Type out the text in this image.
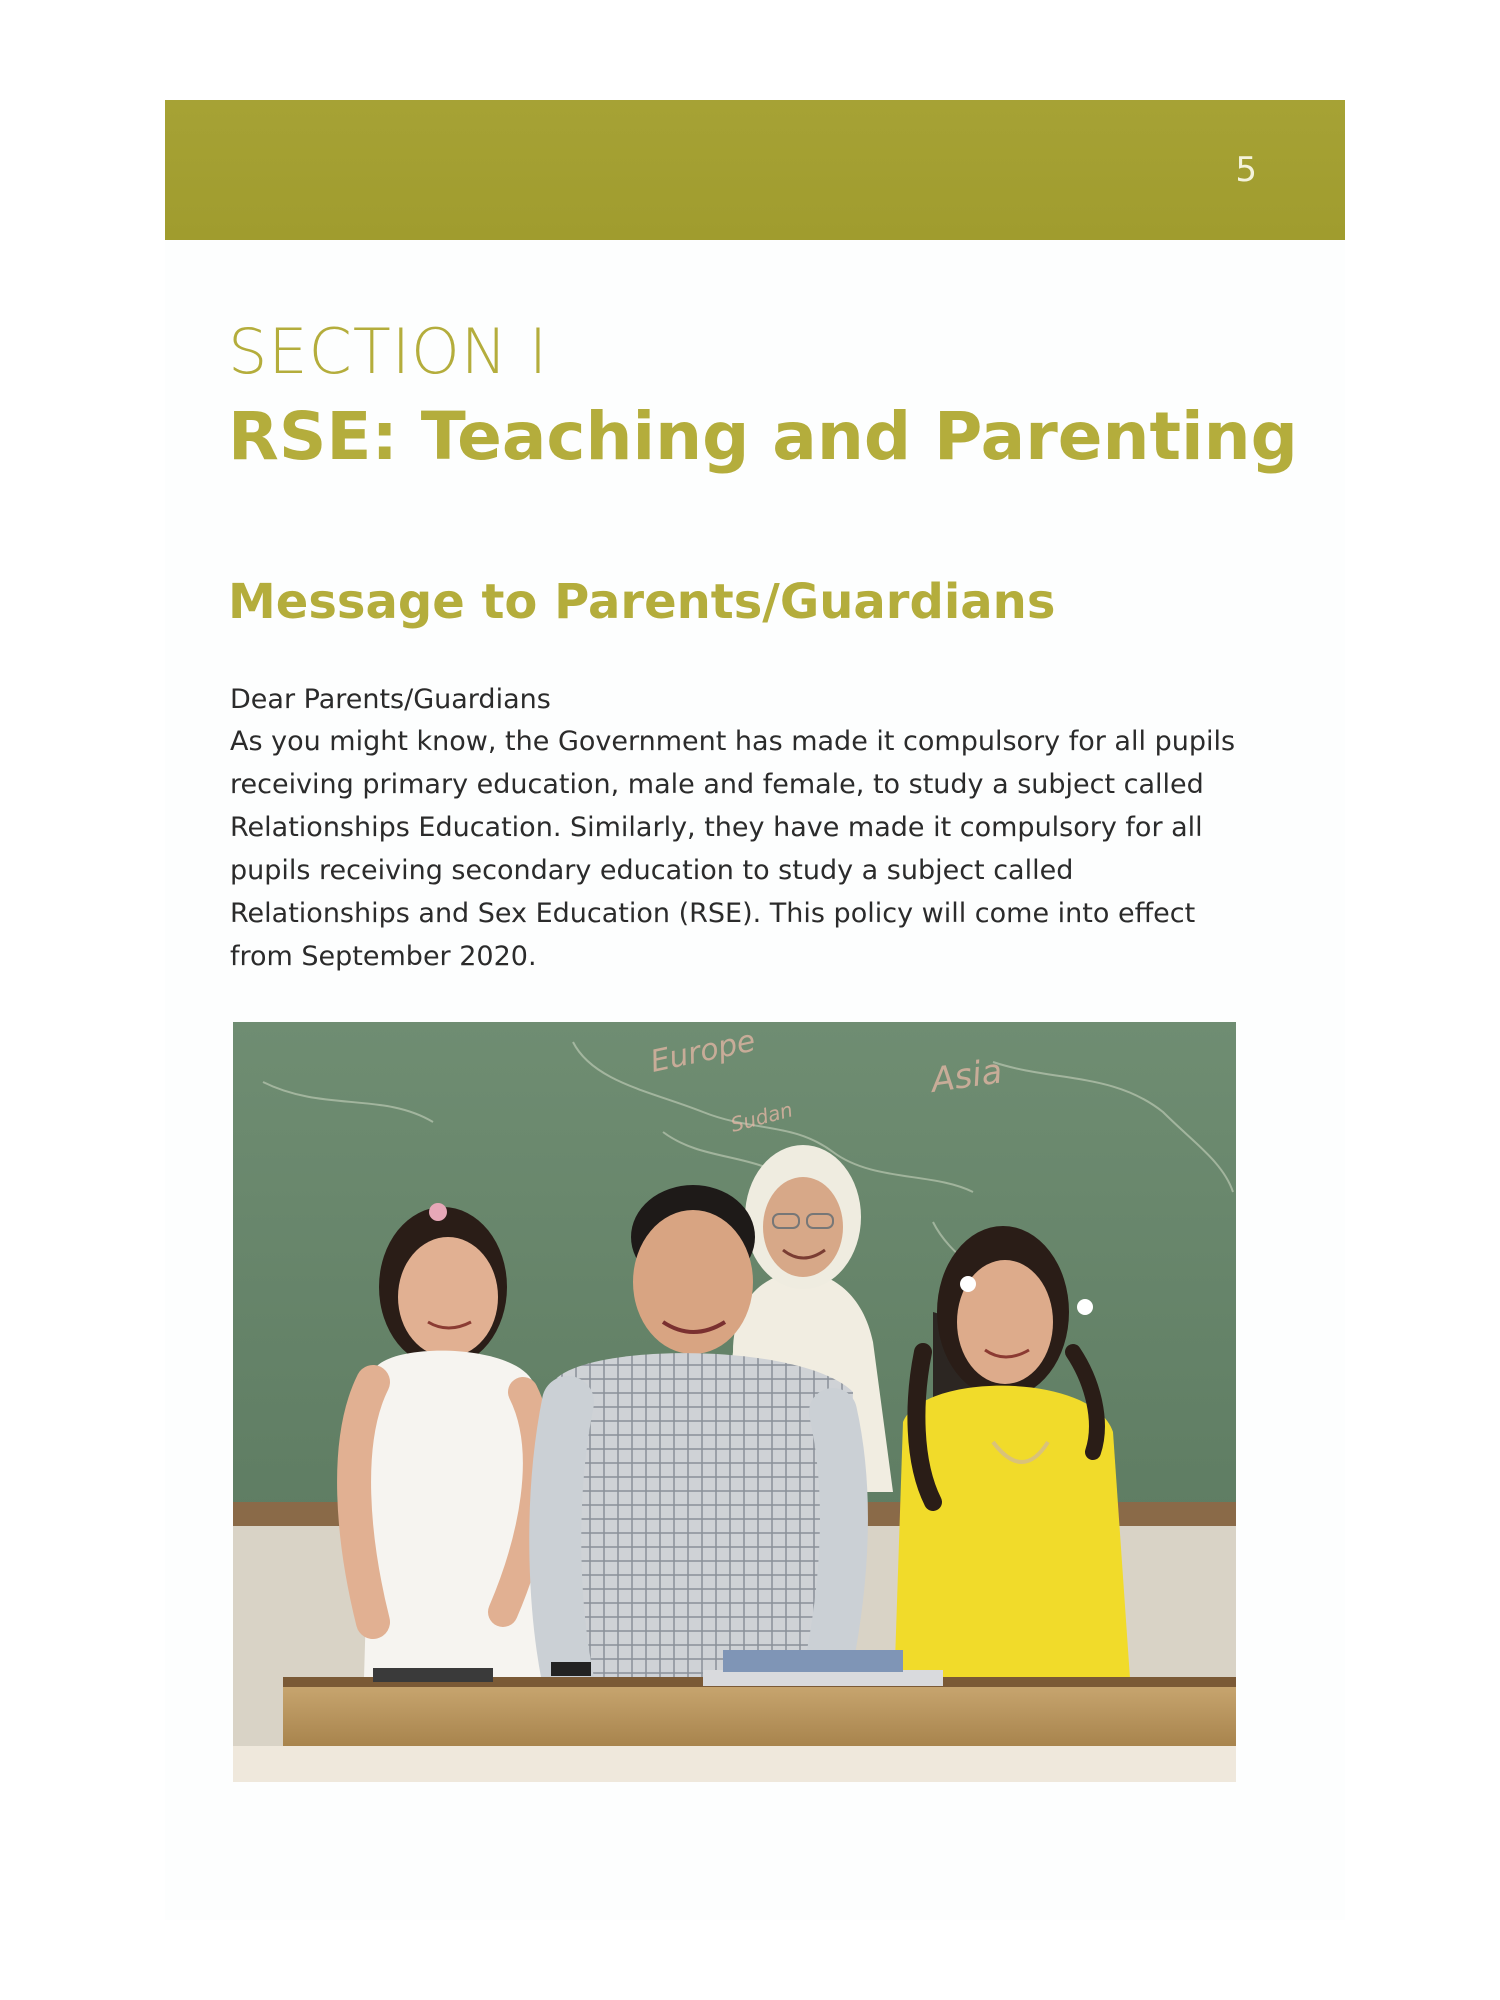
5
SECTION I
RSE: Teaching and Parenting
Message to Parents/Guardians
Dear Parents/Guardians
As you might know, the Government has made it compulsory for all pupils receiving primary education, male and female, to study a subject called Relationships Education. Similarly, they have made it compulsory for all pupils receiving secondary education to study a subject called Relationships and Sex Education (RSE). This policy will come into effect from September 2020.
Europe
Sudan
Asia
